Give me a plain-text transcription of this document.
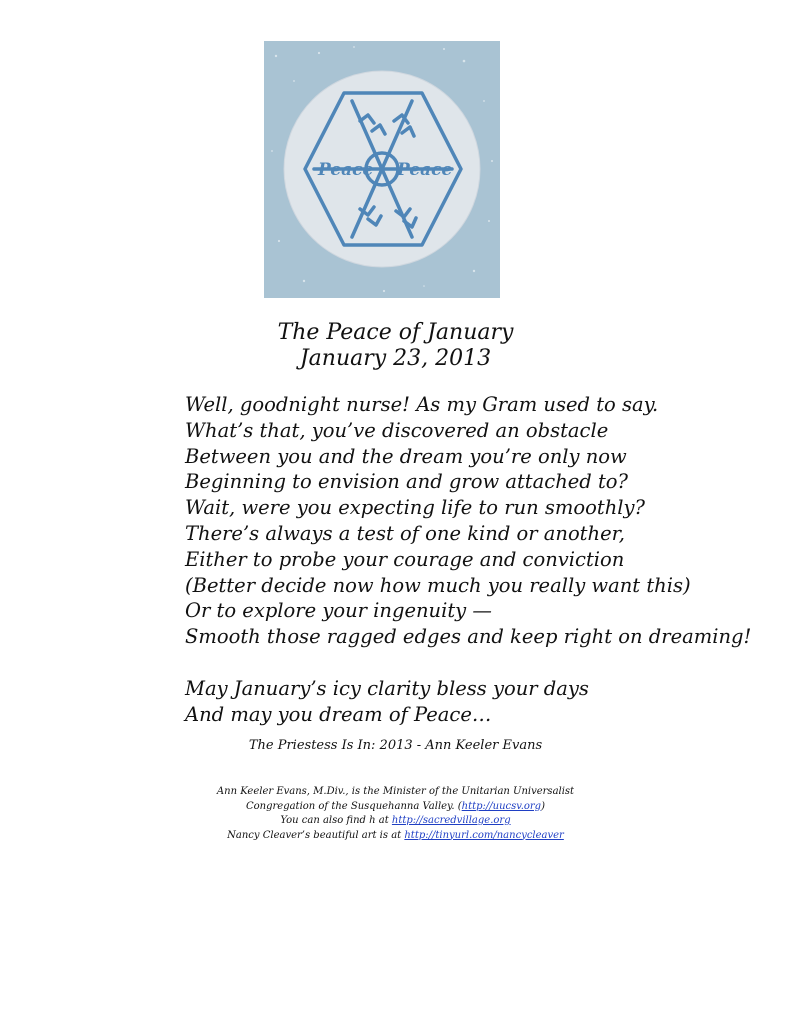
Peace Peace
The Peace of January
January 23, 2013
Well, goodnight nurse! As my Gram used to say.
What’s that, you’ve discovered an obstacle
Between you and the dream you’re only now
Beginning to envision and grow attached to?
Wait, were you expecting life to run smoothly?
There’s always a test of one kind or another,
Either to probe your courage and conviction
(Better decide now how much you really want this)
Or to explore your ingenuity —
Smooth those ragged edges and keep right on dreaming!
May January’s icy clarity bless your days
And may you dream of Peace…
The Priestess Is In: 2013 - Ann Keeler Evans
Ann Keeler Evans, M.Div., is the Minister of the Unitarian Universalist
Congregation of the Susquehanna Valley. (http://uucsv.org)
You can also find h at http://sacredvillage.org
Nancy Cleaver’s beautiful art is at http://tinyurl.com/nancycleaver
